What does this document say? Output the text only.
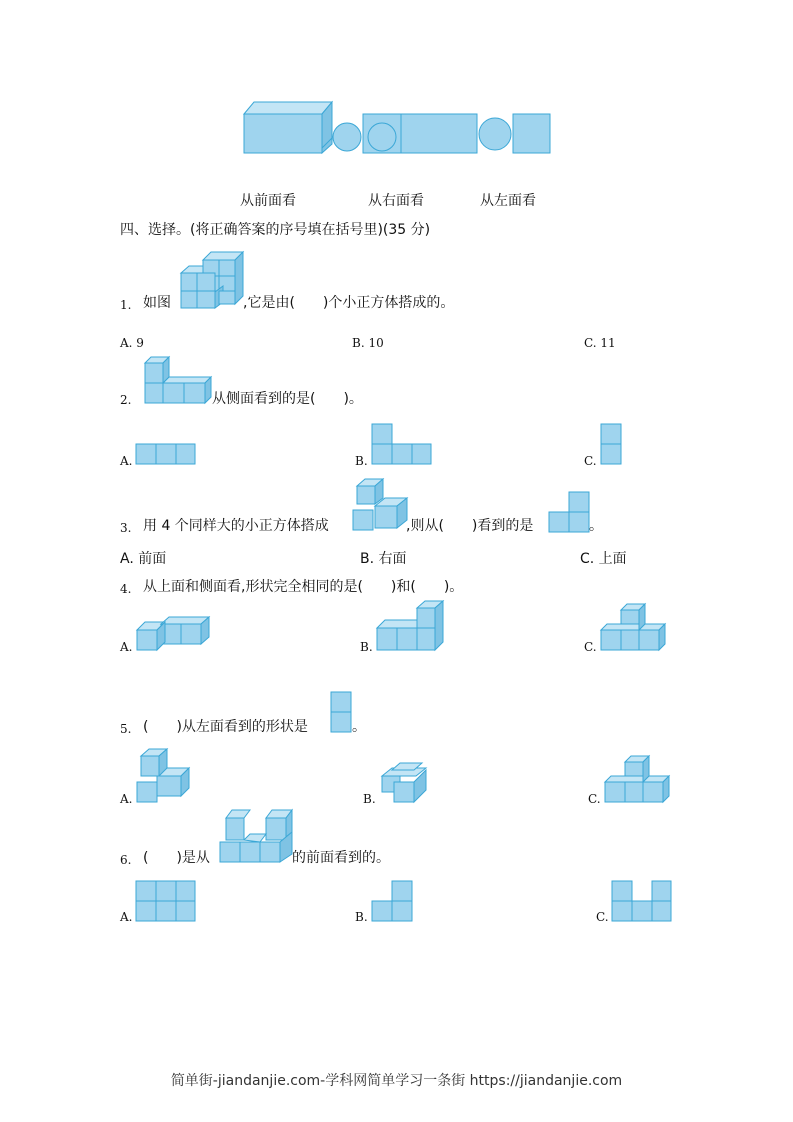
从前面看	从右面看	从左面看
四、选择。(将正确答案的序号填在括号里)(35 分)
1. 如图	,它是由(　　)个小正方体搭成的。
A. 9	B. 10	C. 11
2.	从侧面看到的是(　　)。
A.	B.	C.
3. 用 4 个同样大的小正方体搭成	,则从(　　)看到的是	。
A. 前面	B. 右面	C. 上面
4. 从上面和侧面看,形状完全相同的是(　　)和(　　)。
A.	B.	C.
5. (　　)从左面看到的形状是	。
A.	B.	C.
6. (　　)是从	的前面看到的。
A.	B.	C.
简单街-jiandanjie.com-学科网简单学习一条街 https://jiandanjie.com
